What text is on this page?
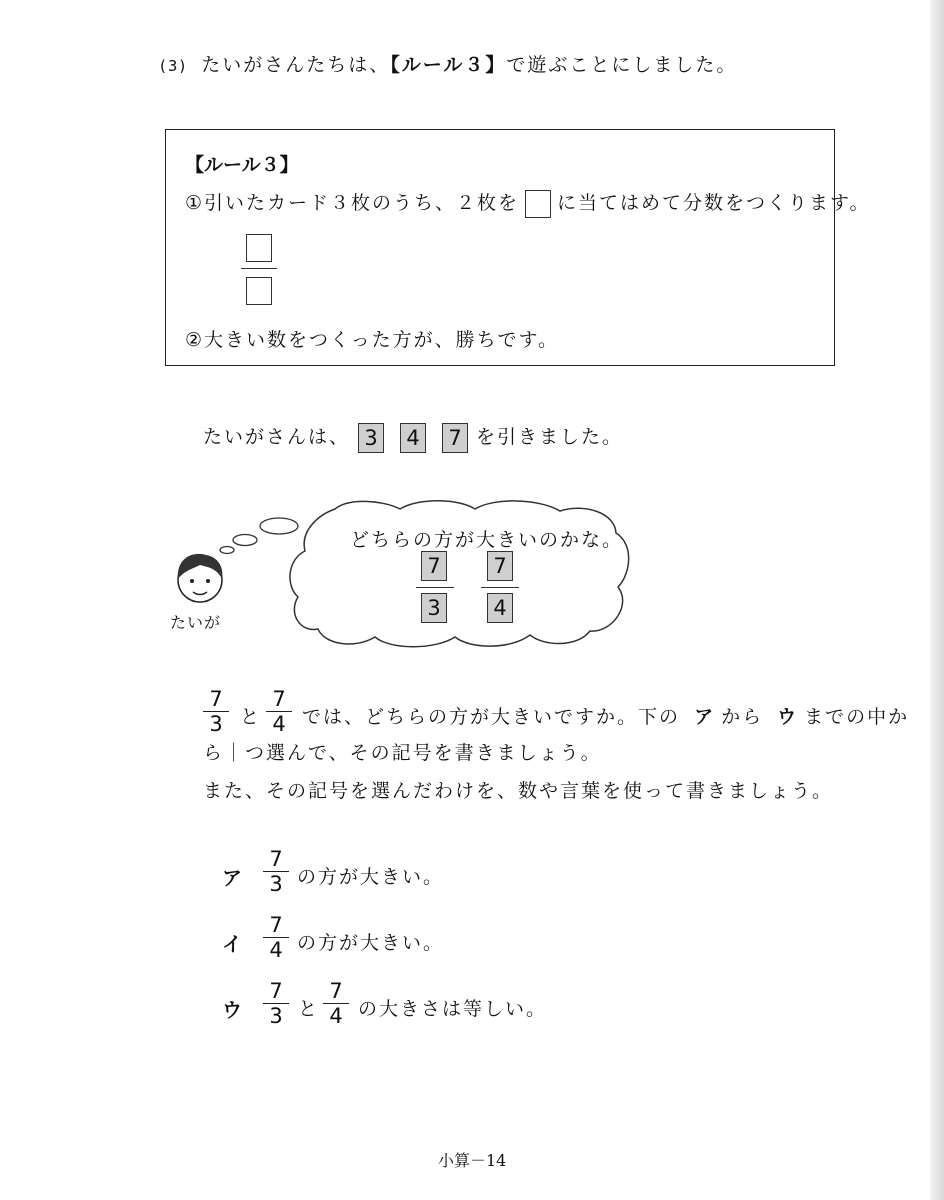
(3) たいがさんたちは、【ルール３】で遊ぶことにしました。
【ルール３】
①引いたカード３枚のうち、２枚を に当てはめて分数をつくります。
②大きい数をつくった方が、勝ちです。
たいがさんは、 3 4 7 を引きました。
どちらの方が大きいのかな。
7
3
7
4
たいが
7
3 と
7
4 では、どちらの方が大きいですか。下の ア から ウ までの中か
ら｜つ選んで、その記号を書きましょう。
また、その記号を選んだわけを、数や言葉を使って書きましょう。
ア
7
3 の方が大きい。
イ
7
4 の方が大きい。
ウ
7
3 と
7
4 の大きさは等しい。
小算－14
